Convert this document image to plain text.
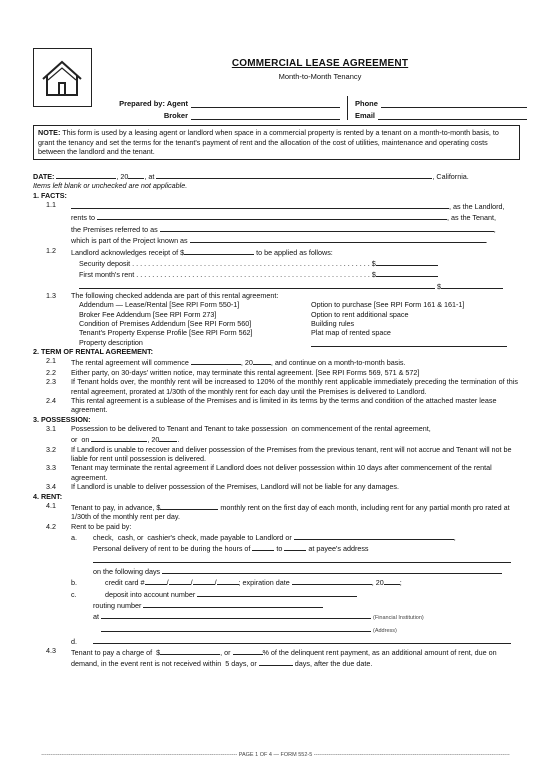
COMMERCIAL LEASE AGREEMENT
Month-to-Month Tenancy
Prepared by: Agent
Broker
Phone
Email
NOTE: This form is used by a leasing agent or landlord when space in a commercial property is rented by a tenant on a month-to-month basis, to grant the tenancy and set the terms for the tenant's payment of rent and the allocation of the cost of utilities, maintenance and operating costs between the landlord and the tenant.

DATE:	, 20 , at	, California.

Items left blank or unchecked are not applicable.

1. FACTS:

1.1	, as the Landlord,
rents to	, as the Tenant,
the Premises referred to as	,
which is part of the Project known as	.
1.2	Landlord acknowledges receipt of $	to be applied as follows:
Security deposit . . . . . . . . . . . . . . . . . . . . . . . . . . . . . . . . . . . . . . . . . . . . . . . . . . . . . . . . . . . . $
First month's rent . . . . . . . . . . . . . . . . . . . . . . . . . . . . . . . . . . . . . . . . . . . . . . . . . . . . . . . . . . . $
$
1.3	The following checked addenda are part of this rental agreement:
Addendum — Lease/Rental [See RPI Form 550-1]	Option to purchase [See RPI Form 161 & 161-1]
Broker Fee Addendum [See RPI Form 273]	Option to rent additional space
Condition of Premises Addendum [See RPI Form 560]	Building rules
Tenant's Property Expense Profile [See RPI Form 562]	Plat map of rented space
Property description

2. TERM OF RENTAL AGREEMENT:

2.1	The rental agreement will commence	, 20	, and continue on a month-to-month basis.
2.2	Either party, on 30-days' written notice, may terminate this rental agreement. [See RPI Forms 569, 571 & 572]
2.3	If Tenant holds over, the monthly rent will be increased to 120% of the monthly rent applicable immediately preceding the termination of this rental agreement, prorated at 1/30th of the monthly rent for each day until the Premises is delivered to Landlord.
2.4	This rental agreement is a sublease of the Premises and is limited in its terms by the terms and condition of the attached master lease agreement.

3. POSSESSION:

3.1	Possession to be delivered to Tenant and Tenant to take possession on commencement of the rental agreement,
or on	, 20	.
3.2	If Landlord is unable to recover and deliver possession of the Premises from the previous tenant, rent will not accrue and Tenant will not be liable for rent until possession is delivered.
3.3	Tenant may terminate the rental agreement if Landlord does not deliver possession within 10 days after commencement of the rental agreement.
3.4	If Landlord is unable to deliver possession of the Premises, Landlord will not be liable for any damages.

4. RENT:

4.1	Tenant to pay, in advance, $	monthly rent on the first day of each month, including rent for any partial month pro rated at 1/30th of the monthly rent per day.
4.2	Rent to be paid by:
a. check, cash, or cashier's check, made payable to Landlord or	,
Personal delivery of rent to be during the hours of	to	at payee's address
on the following days
b.	credit card #	/	/	/	; expiration date	, 20 ;
c.	deposit into account number
routing number
at	(Financial Institution)
(Address)
d.
4.3	Tenant to pay a charge of $	, or	% of the delinquent rent payment, as an additional amount of rent, due on demand, in the event rent is not received within 5 days, or	days, after the due date.
----------------------------------------------------------------------------------------------------------- PAGE 1 OF 4 — FORM 552-5 -----------------------------------------------------------------------------------------------------------
